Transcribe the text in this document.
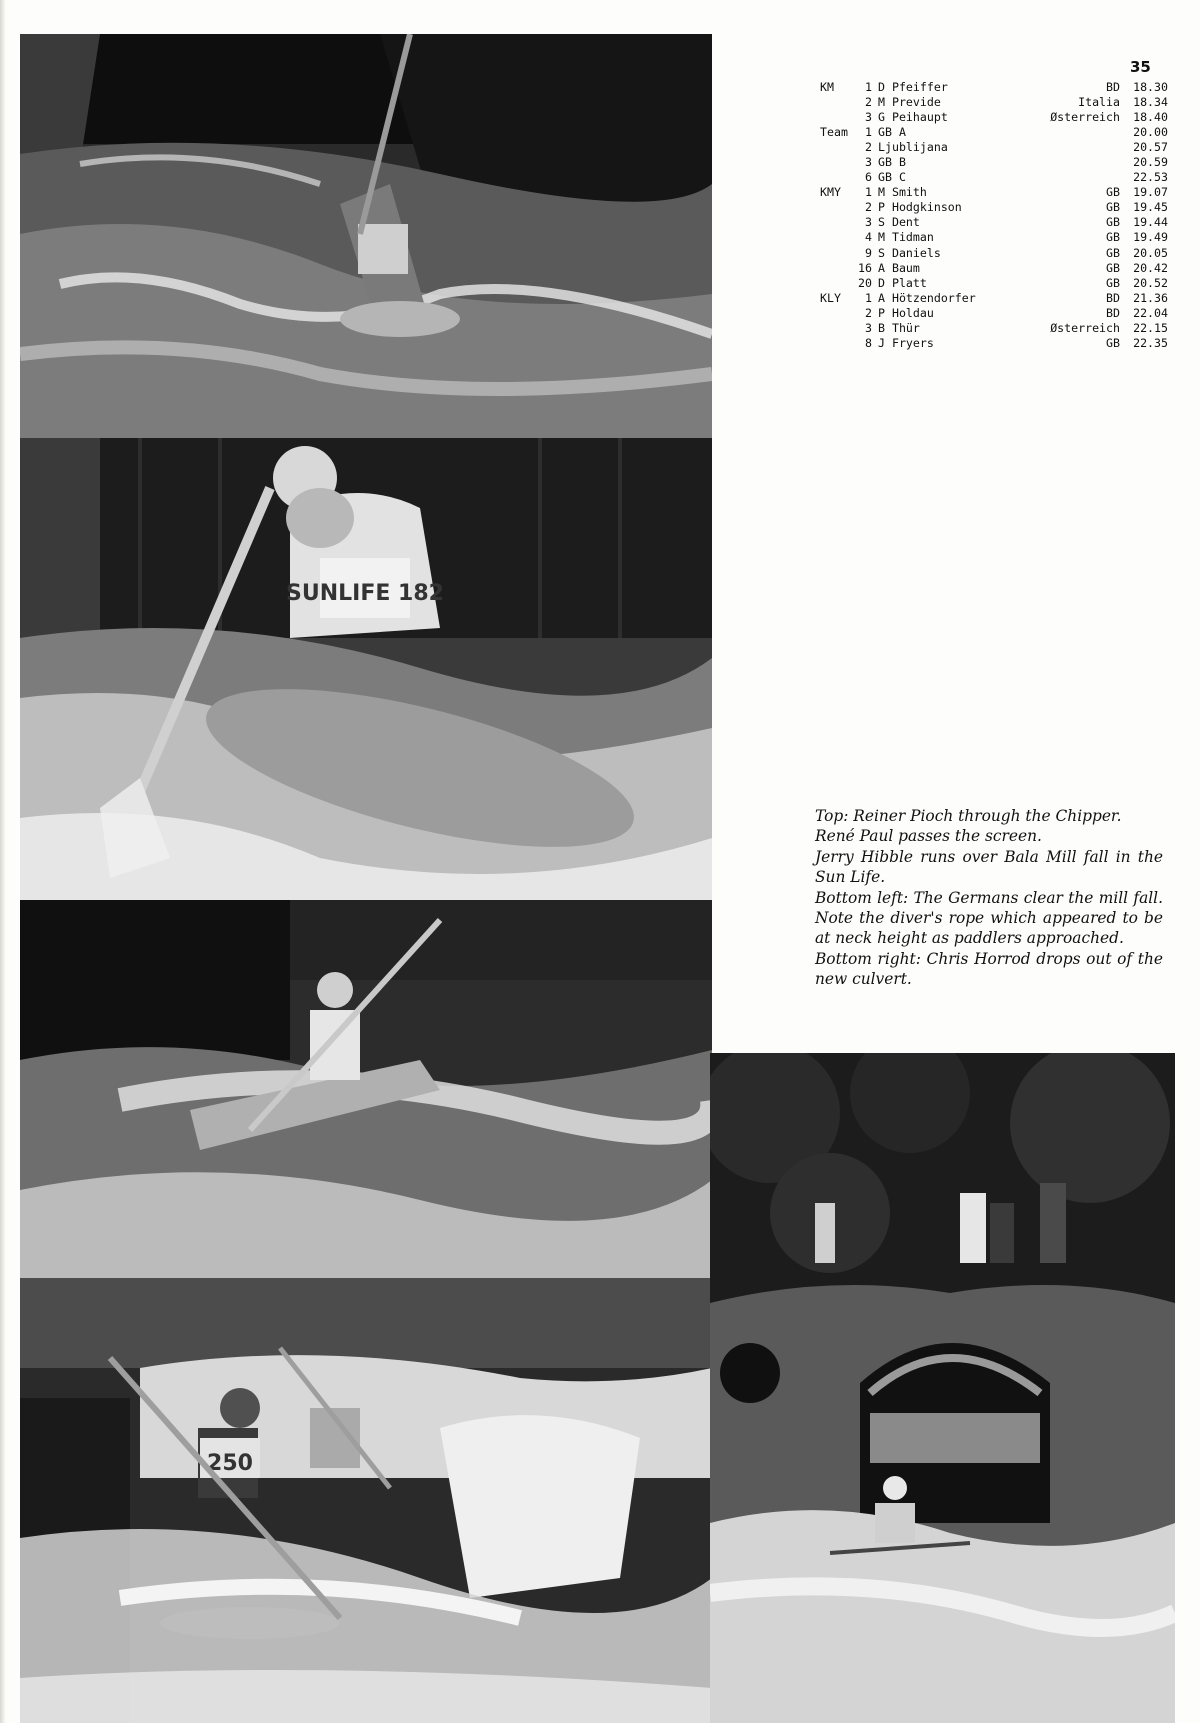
SUNLIFE 182
250
35
KM	1 D Pfeiffer	BD 18.30
2 M Previde	Italia 18.34
3 G Peihaupt	Østerreich 18.40
Team	1 GB A	20.00
2 Ljublijana	20.57
3 GB B	20.59
6 GB C	22.53
KMY	1 M Smith	GB 19.07
2 P Hodgkinson	GB 19.45
3 S Dent	GB 19.44
4 M Tidman	GB 19.49
9 S Daniels	GB 20.05
16 A Baum	GB 20.42
20 D Platt	GB 20.52
KLY	1 A Hötzendorfer	BD 21.36
2 P Holdau	BD 22.04
3 B Thür	Østerreich 22.15
8 J Fryers	GB 22.35

Top: Reiner Pioch through the Chipper.

René Paul passes the screen.

Jerry Hibble runs over Bala Mill fall in the Sun Life.

Bottom left: The Germans clear the mill fall. Note the diver's rope which appeared to be at neck height as paddlers approached.

Bottom right: Chris Horrod drops out of the new culvert.
